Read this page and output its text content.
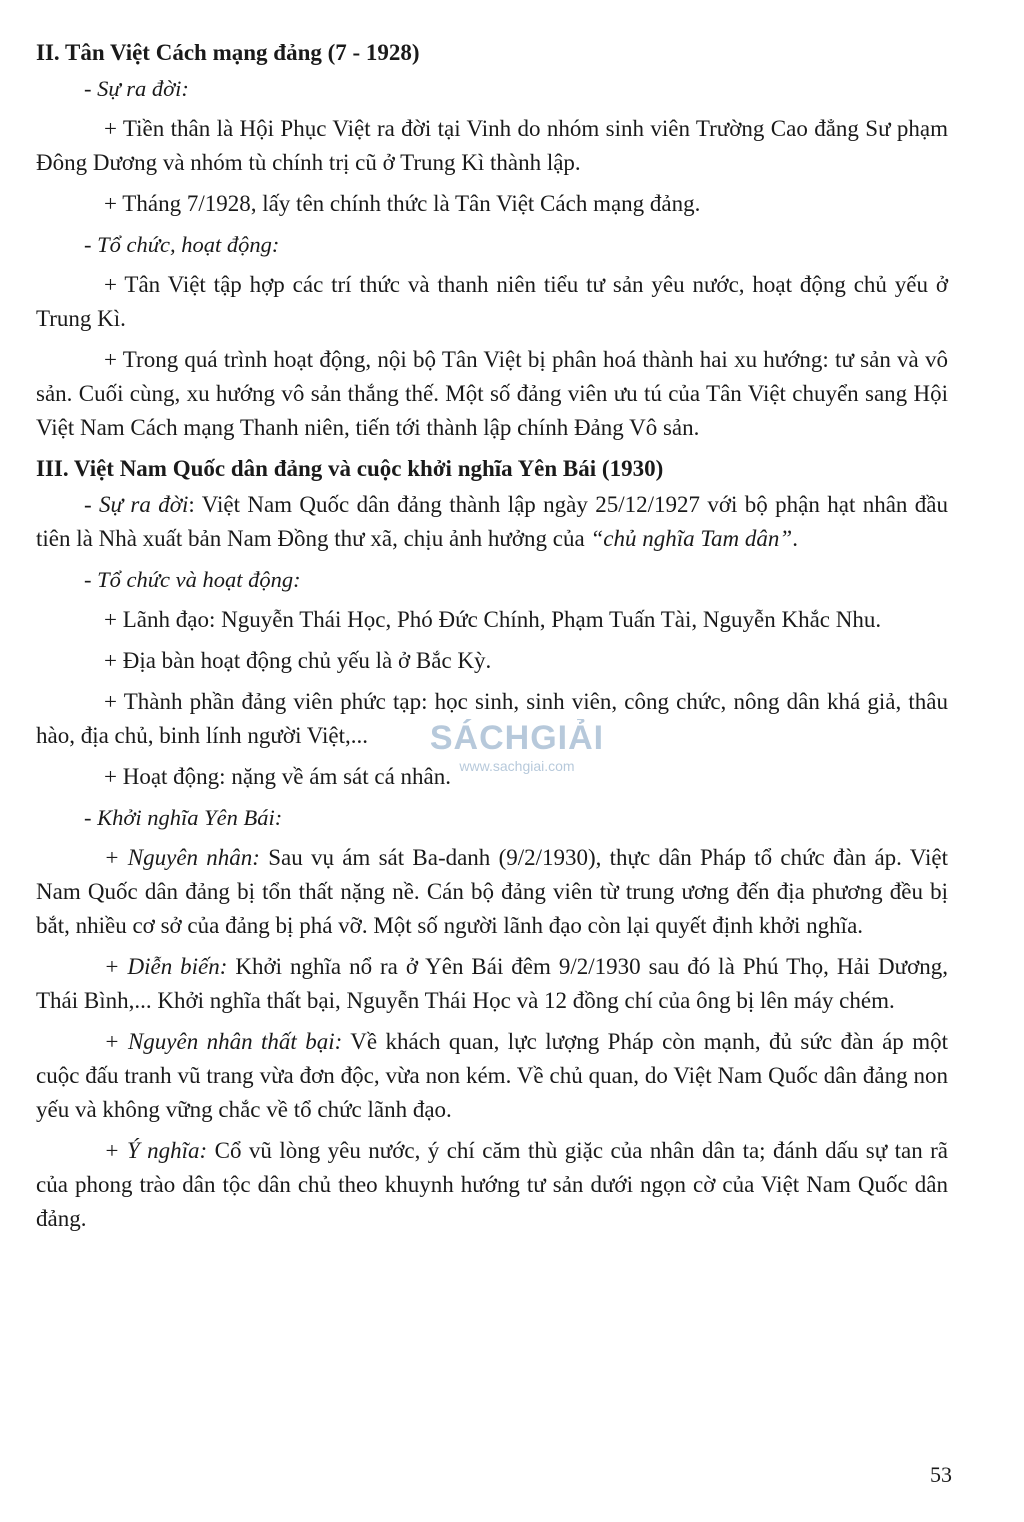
II. Tân Việt Cách mạng đảng (7 - 1928)
- Sự ra đời:

+ Tiền thân là Hội Phục Việt ra đời tại Vinh do nhóm sinh viên Trường Cao đẳng Sư phạm Đông Dương và nhóm tù chính trị cũ ở Trung Kì thành lập.

+ Tháng 7/1928, lấy tên chính thức là Tân Việt Cách mạng đảng.

- Tổ chức, hoạt động:

+ Tân Việt tập hợp các trí thức và thanh niên tiểu tư sản yêu nước, hoạt động chủ yếu ở Trung Kì.

+ Trong quá trình hoạt động, nội bộ Tân Việt bị phân hoá thành hai xu hướng: tư sản và vô sản. Cuối cùng, xu hướng vô sản thắng thế. Một số đảng viên ưu tú của Tân Việt chuyển sang Hội Việt Nam Cách mạng Thanh niên, tiến tới thành lập chính Đảng Vô sản.

III. Việt Nam Quốc dân đảng và cuộc khởi nghĩa Yên Bái (1930)

- Sự ra đời: Việt Nam Quốc dân đảng thành lập ngày 25/12/1927 với bộ phận hạt nhân đầu tiên là Nhà xuất bản Nam Đồng thư xã, chịu ảnh hưởng của “chủ nghĩa Tam dân”.

- Tổ chức và hoạt động:

+ Lãnh đạo: Nguyễn Thái Học, Phó Đức Chính, Phạm Tuấn Tài, Nguyễn Khắc Nhu.

+ Địa bàn hoạt động chủ yếu là ở Bắc Kỳ.

+ Thành phần đảng viên phức tạp: học sinh, sinh viên, công chức, nông dân khá giả, thâu hào, địa chủ, binh lính người Việt,...

+ Hoạt động: nặng về ám sát cá nhân.

- Khởi nghĩa Yên Bái:

+ Nguyên nhân: Sau vụ ám sát Ba-danh (9/2/1930), thực dân Pháp tổ chức đàn áp. Việt Nam Quốc dân đảng bị tổn thất nặng nề. Cán bộ đảng viên từ trung ương đến địa phương đều bị bắt, nhiều cơ sở của đảng bị phá vỡ. Một số người lãnh đạo còn lại quyết định khởi nghĩa.

+ Diễn biến: Khởi nghĩa nổ ra ở Yên Bái đêm 9/2/1930 sau đó là Phú Thọ, Hải Dương, Thái Bình,... Khởi nghĩa thất bại, Nguyễn Thái Học và 12 đồng chí của ông bị lên máy chém.

+ Nguyên nhân thất bại: Về khách quan, lực lượng Pháp còn mạnh, đủ sức đàn áp một cuộc đấu tranh vũ trang vừa đơn độc, vừa non kém. Về chủ quan, do Việt Nam Quốc dân đảng non yếu và không vững chắc về tổ chức lãnh đạo.

+ Ý nghĩa: Cổ vũ lòng yêu nước, ý chí căm thù giặc của nhân dân ta; đánh dấu sự tan rã của phong trào dân tộc dân chủ theo khuynh hướng tư sản dưới ngọn cờ của Việt Nam Quốc dân đảng.

SÁCHGIẢI
www.sachgiai.com
53
